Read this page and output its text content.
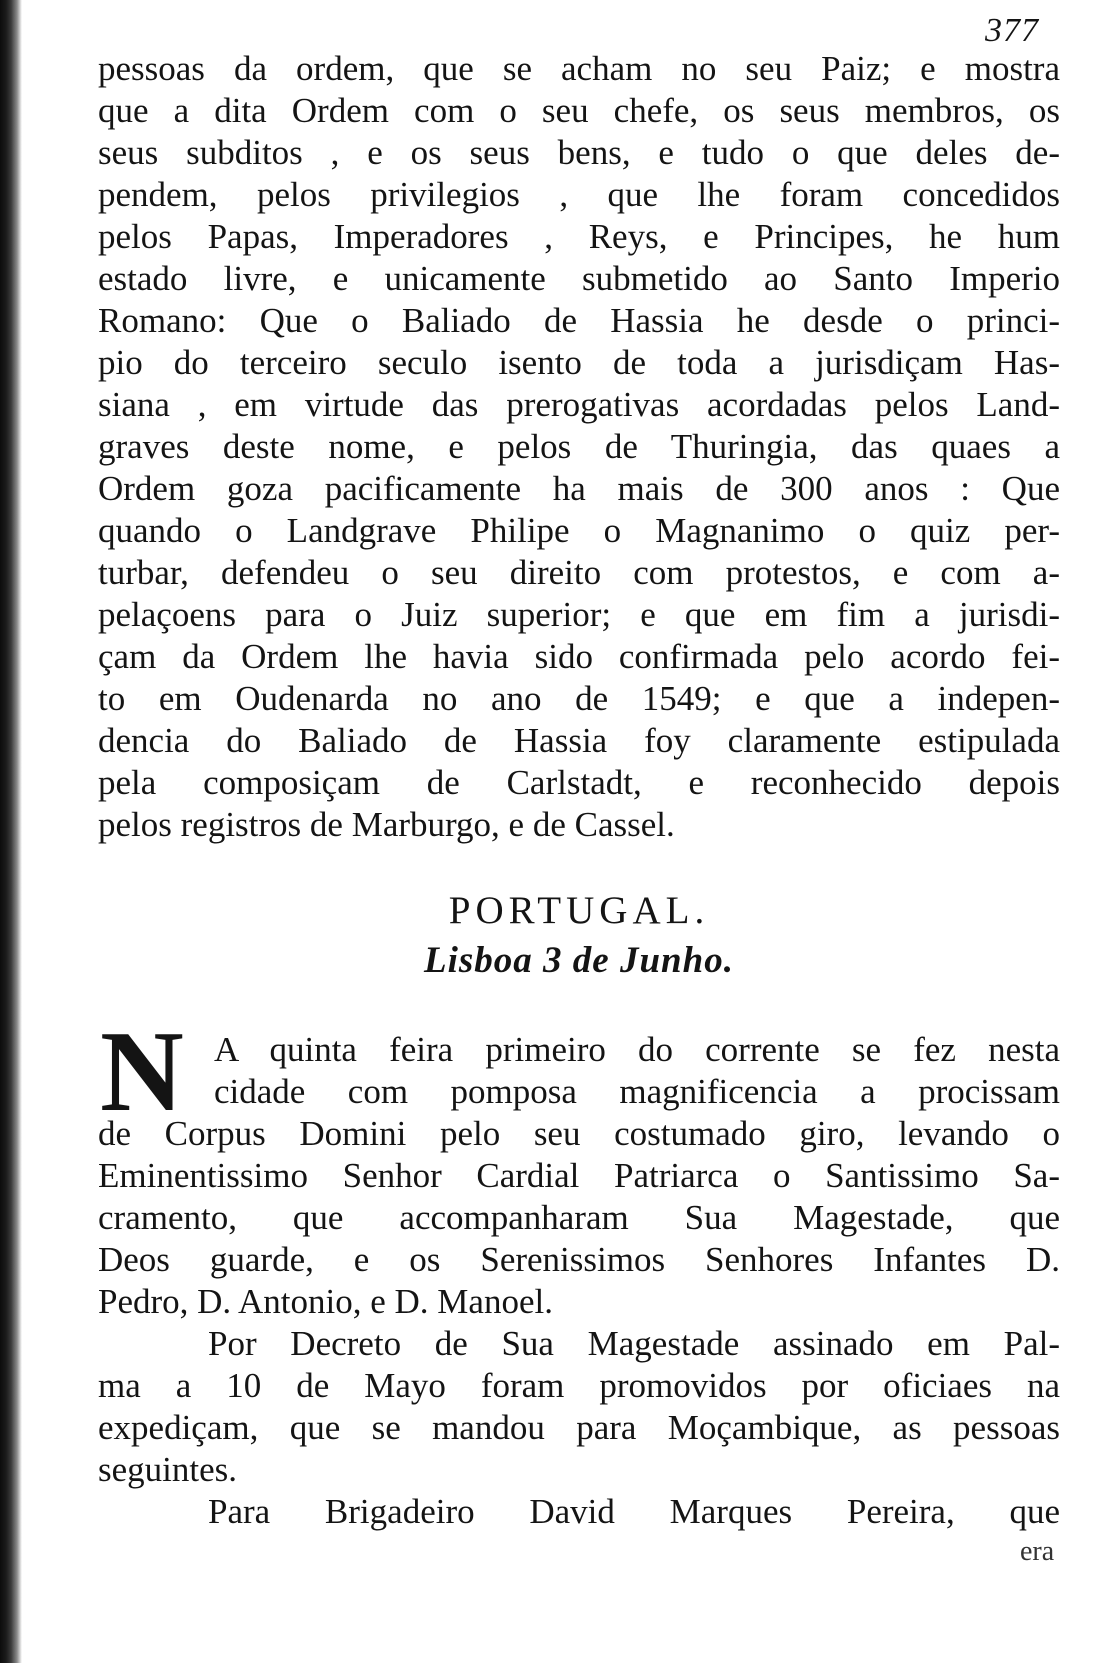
377
pessoas da ordem, que se acham no seu Paiz; e mostra
que a dita Ordem com o seu chefe, os seus membros, os
seus subditos , e os seus bens, e tudo o que deles de-
pendem, pelos privilegios , que lhe foram concedidos
pelos Papas, Imperadores , Reys, e Principes, he hum
estado livre, e unicamente submetido ao Santo Imperio
Romano: Que o Baliado de Hassia he desde o princi-
pio do terceiro seculo isento de toda a jurisdiçam Has-
siana , em virtude das prerogativas acordadas pelos Land-
graves deste nome, e pelos de Thuringia, das quaes a
Ordem goza pacificamente ha mais de 300 anos : Que
quando o Landgrave Philipe o Magnanimo o quiz per-
turbar, defendeu o seu direito com protestos, e com a-
pelaçoens para o Juiz superior; e que em fim a jurisdi-
çam da Ordem lhe havia sido confirmada pelo acordo fei-
to em Oudenarda no ano de 1549; e que a indepen-
dencia do Baliado de Hassia foy claramente estipulada
pela composiçam de Carlstadt, e reconhecido depois
pelos registros de Marburgo, e de Cassel.
PORTUGAL.
Lisboa 3 de Junho.
N A quinta feira primeiro do corrente se fez nesta
cidade com pomposa magnificencia a procissam
de Corpus Domini pelo seu costumado giro, levando o
Eminentissimo Senhor Cardial Patriarca o Santissimo Sa-
cramento, que accompanharam Sua Magestade, que
Deos guarde, e os Serenissimos Senhores Infantes D.
Pedro, D. Antonio, e D. Manoel.
Por Decreto de Sua Magestade assinado em Pal-
ma a 10 de Mayo foram promovidos por oficiaes na
expediçam, que se mandou para Moçambique, as pessoas
seguintes.
Para Brigadeiro David Marques Pereira, que
era
